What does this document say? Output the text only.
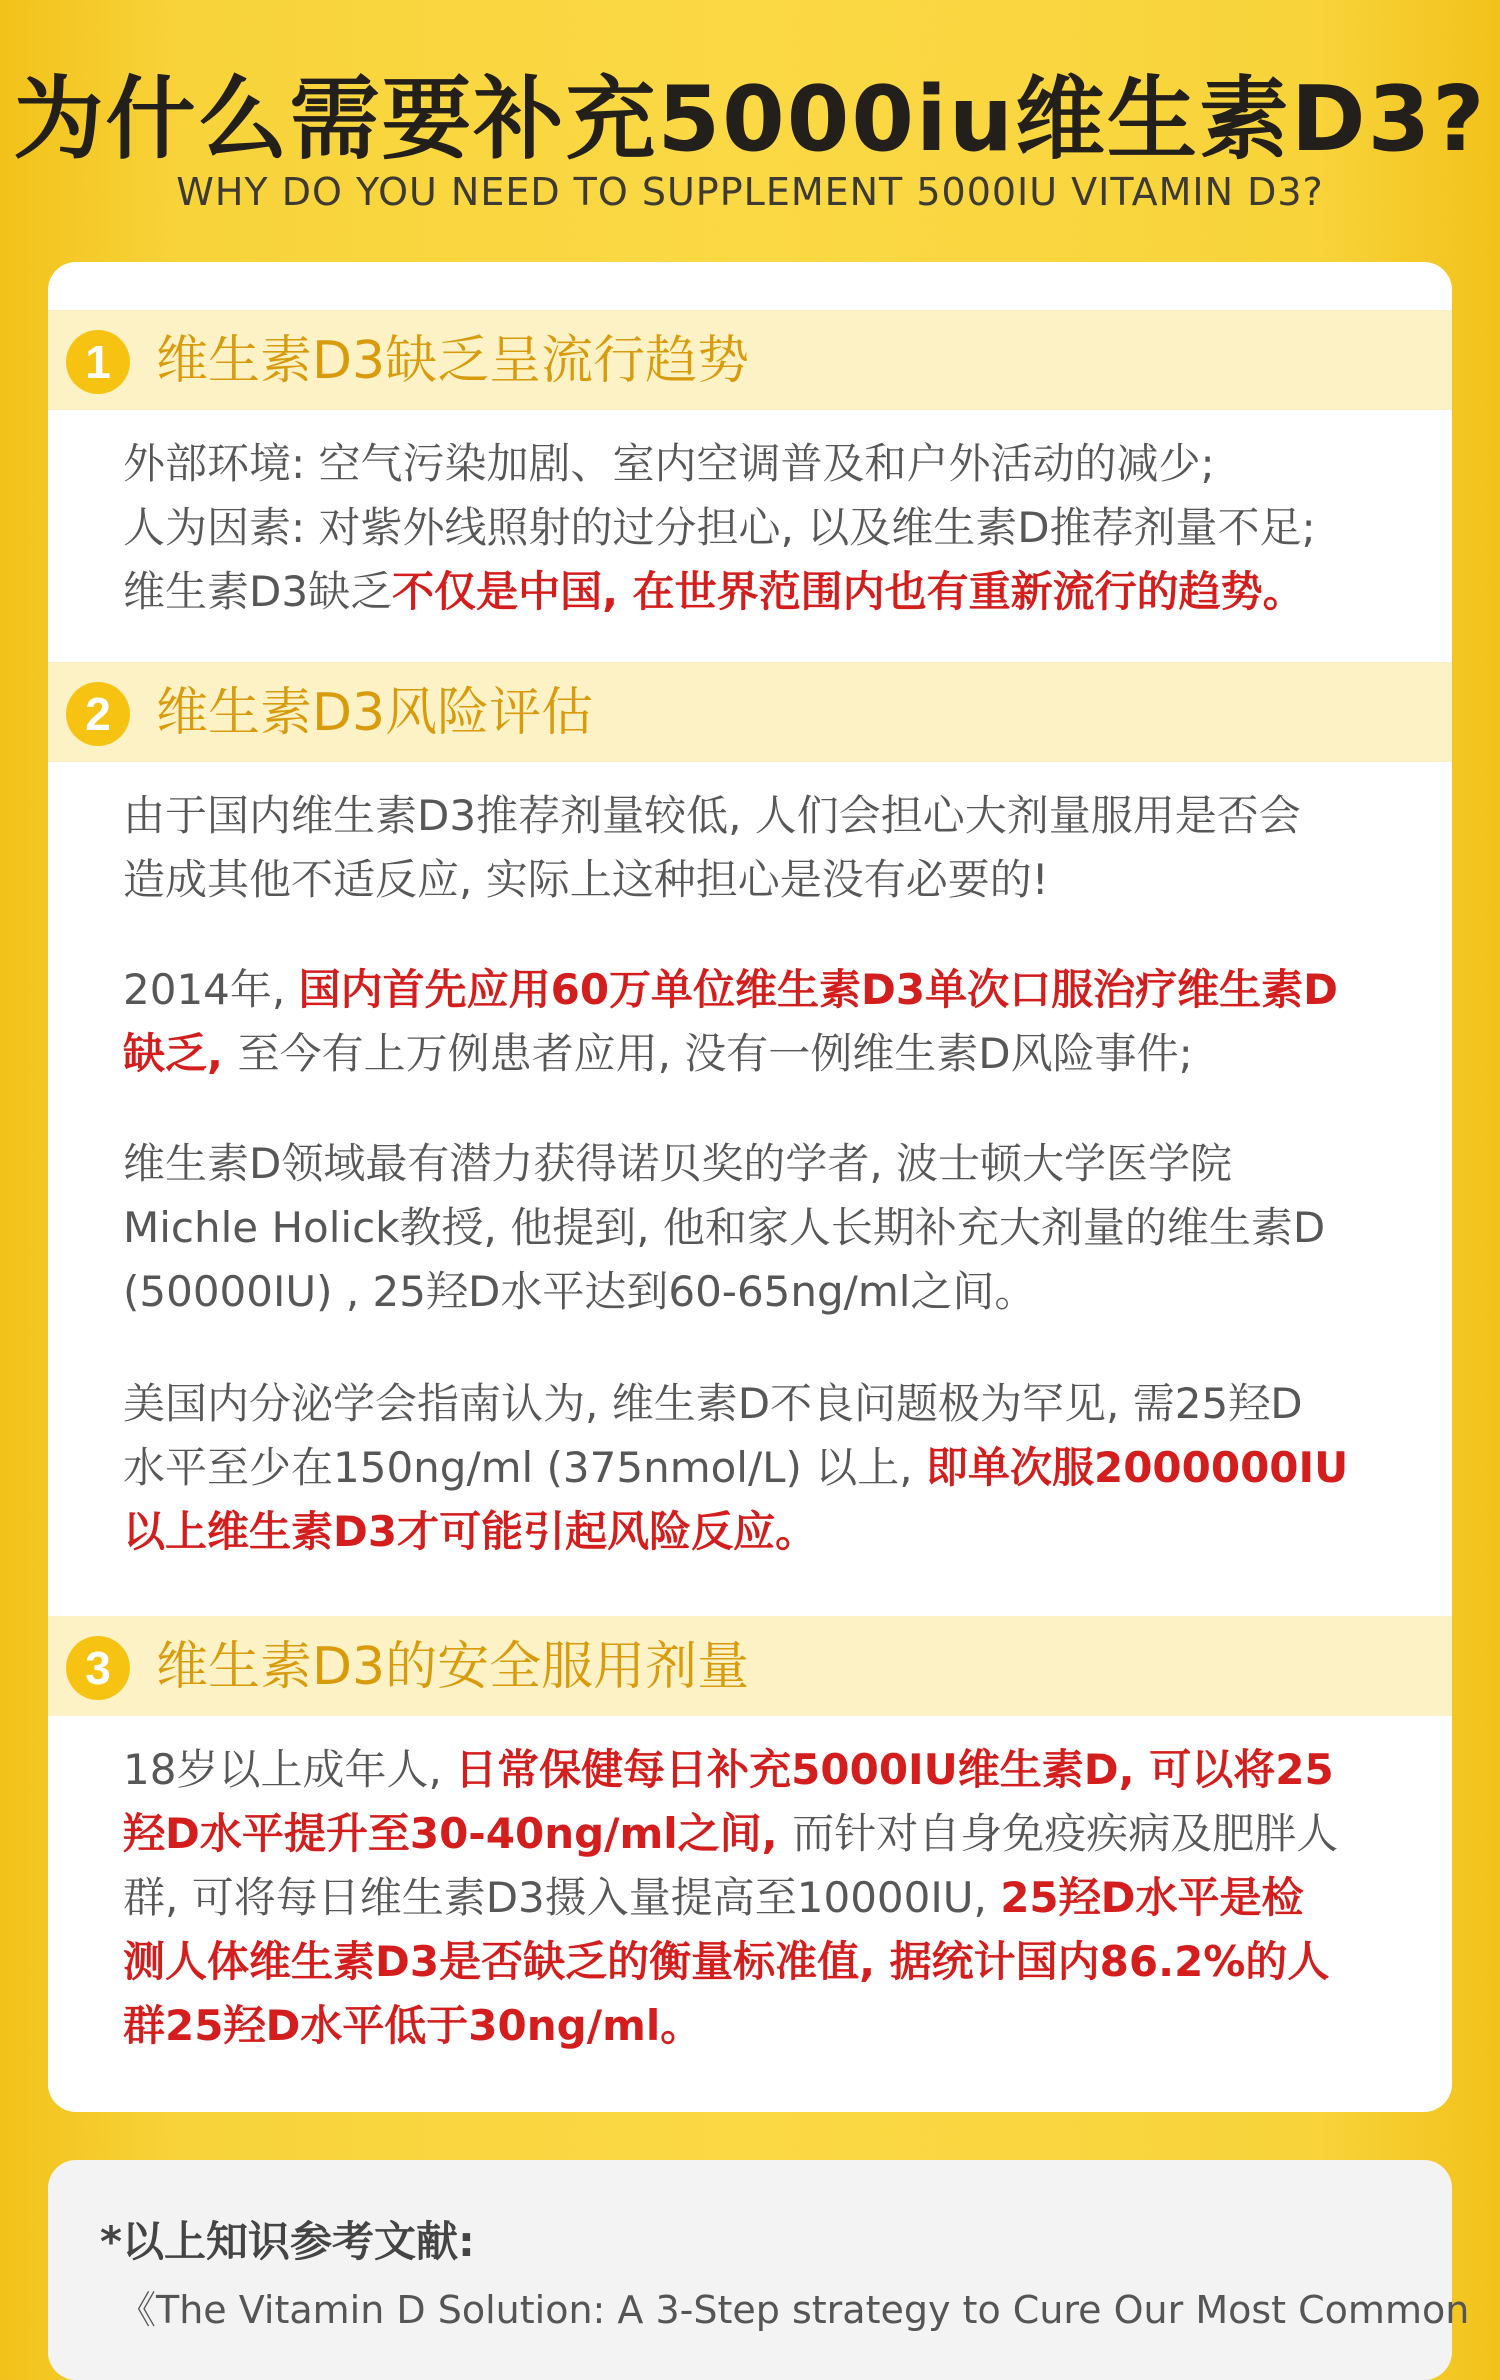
为什么需要补充5000iu维生素D3?
WHY DO YOU NEED TO SUPPLEMENT 5000IU VITAMIN D3?
1 维生素D3缺乏呈流行趋势
外部环境: 空气污染加剧、室内空调普及和户外活动的减少;
人为因素: 对紫外线照射的过分担心, 以及维生素D推荐剂量不足;
维生素D3缺乏不仅是中国, 在世界范围内也有重新流行的趋势。
2 维生素D3风险评估
由于国内维生素D3推荐剂量较低, 人们会担心大剂量服用是否会
造成其他不适反应, 实际上这种担心是没有必要的!
2014年, 国内首先应用60万单位维生素D3单次口服治疗维生素D
缺乏, 至今有上万例患者应用, 没有一例维生素D风险事件;
维生素D领域最有潜力获得诺贝奖的学者, 波士顿大学医学院
Michle Holick教授, 他提到, 他和家人长期补充大剂量的维生素D
(50000IU) , 25羟D水平达到60-65ng/ml之间。
美国内分泌学会指南认为, 维生素D不良问题极为罕见, 需25羟D
水平至少在150ng/ml (375nmol/L) 以上, 即单次服2000000IU
以上维生素D3才可能引起风险反应。
3 维生素D3的安全服用剂量
18岁以上成年人, 日常保健每日补充5000IU维生素D, 可以将25
羟D水平提升至30-40ng/ml之间, 而针对自身免疫疾病及肥胖人
群, 可将每日维生素D3摄入量提高至10000IU, 25羟D水平是检
测人体维生素D3是否缺乏的衡量标准值, 据统计国内86.2%的人
群25羟D水平低于30ng/ml。
*以上知识参考文献:
《The Vitamin D Solution: A 3-Step strategy to Cure Our Most Common
